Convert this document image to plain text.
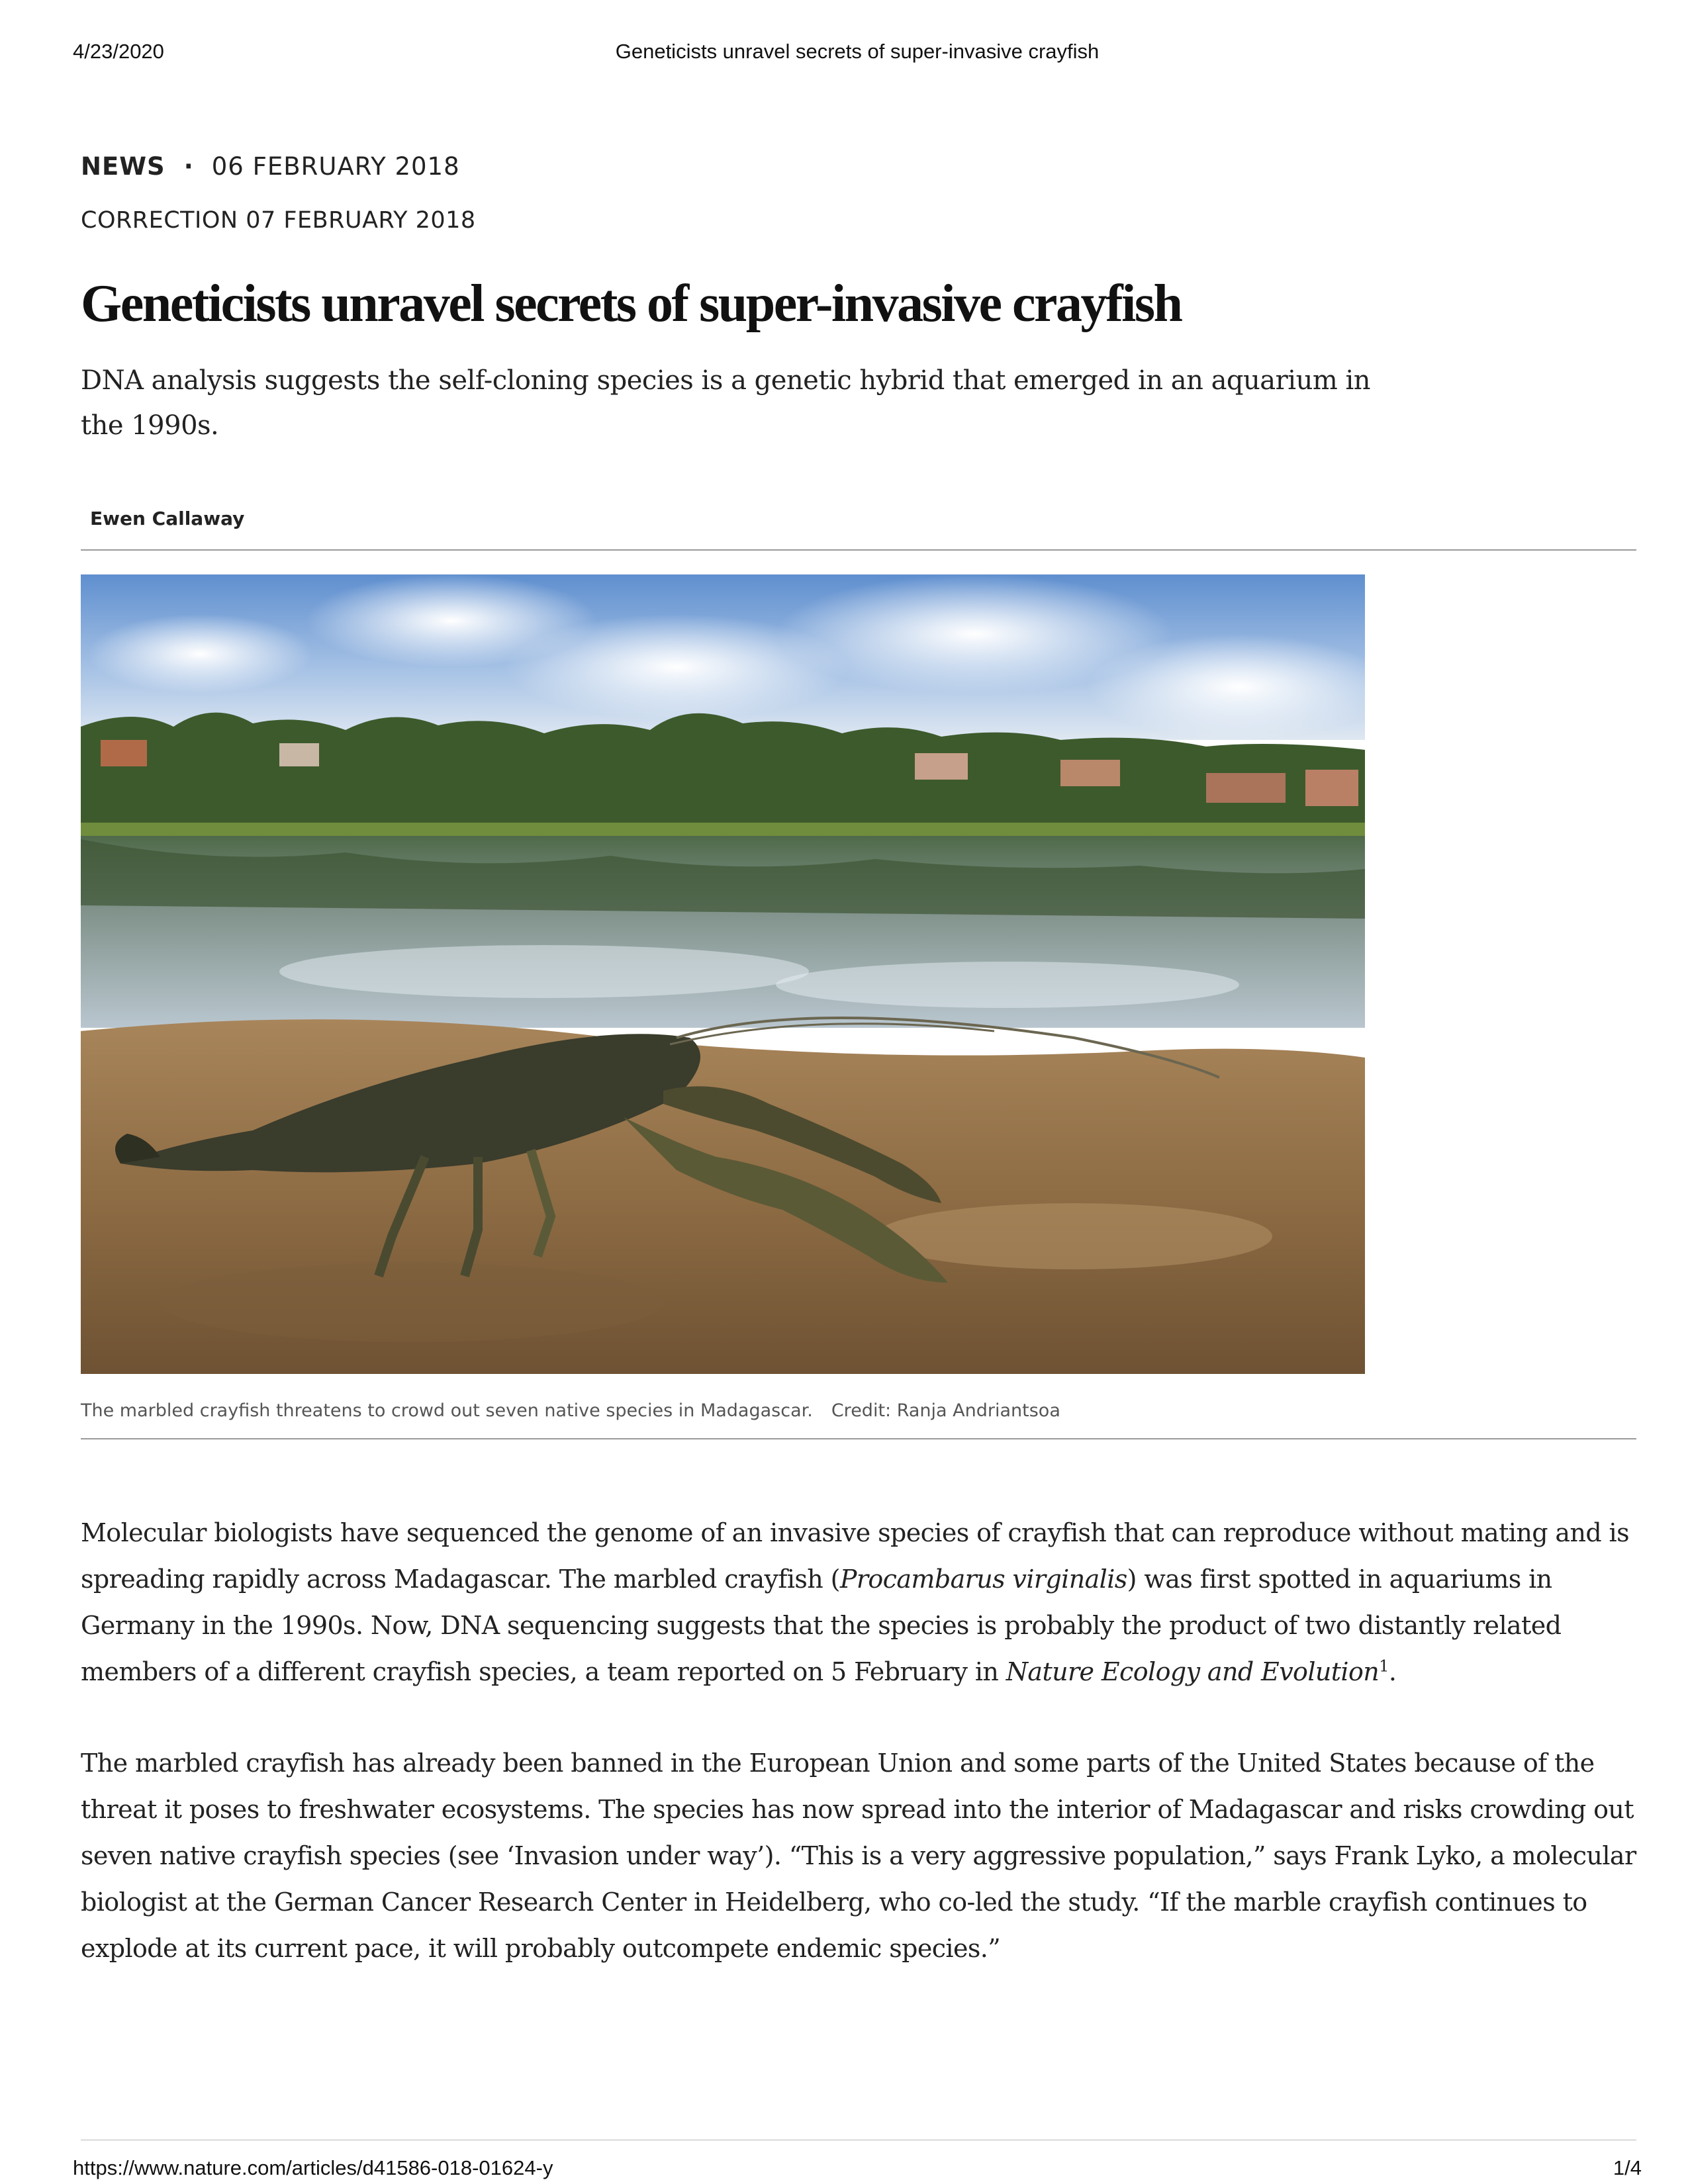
4/23/2020	Geneticists unravel secrets of super-invasive crayfish
NEWS · 06 FEBRUARY 2018
CORRECTION 07 FEBRUARY 2018
Geneticists unravel secrets of super-invasive crayfish
DNA analysis suggests the self-cloning species is a genetic hybrid that emerged in an aquarium in the 1990s.
Ewen Callaway
The marbled crayfish threatens to crowd out seven native species in Madagascar. Credit: Ranja Andriantsoa

Molecular biologists have sequenced the genome of an invasive species of crayfish that can reproduce without mating and is spreading rapidly across Madagascar. The marbled crayfish (Procambarus virginalis) was first spotted in aquariums in Germany in the 1990s. Now, DNA sequencing suggests that the species is probably the product of two distantly related members of a different crayfish species, a team reported on 5 February in Nature Ecology and Evolution$^1$.

The marbled crayfish has already been banned in the European Union and some parts of the United States because of the threat it poses to freshwater ecosystems. The species has now spread into the interior of Madagascar and risks crowding out seven native crayfish species (see ‘Invasion under way’). “This is a very aggressive population,” says Frank Lyko, a molecular biologist at the German Cancer Research Center in Heidelberg, who co-led the study. “If the marble crayfish continues to explode at its current pace, it will probably outcompete endemic species.”

https://www.nature.com/articles/d41586-018-01624-y	1/4
